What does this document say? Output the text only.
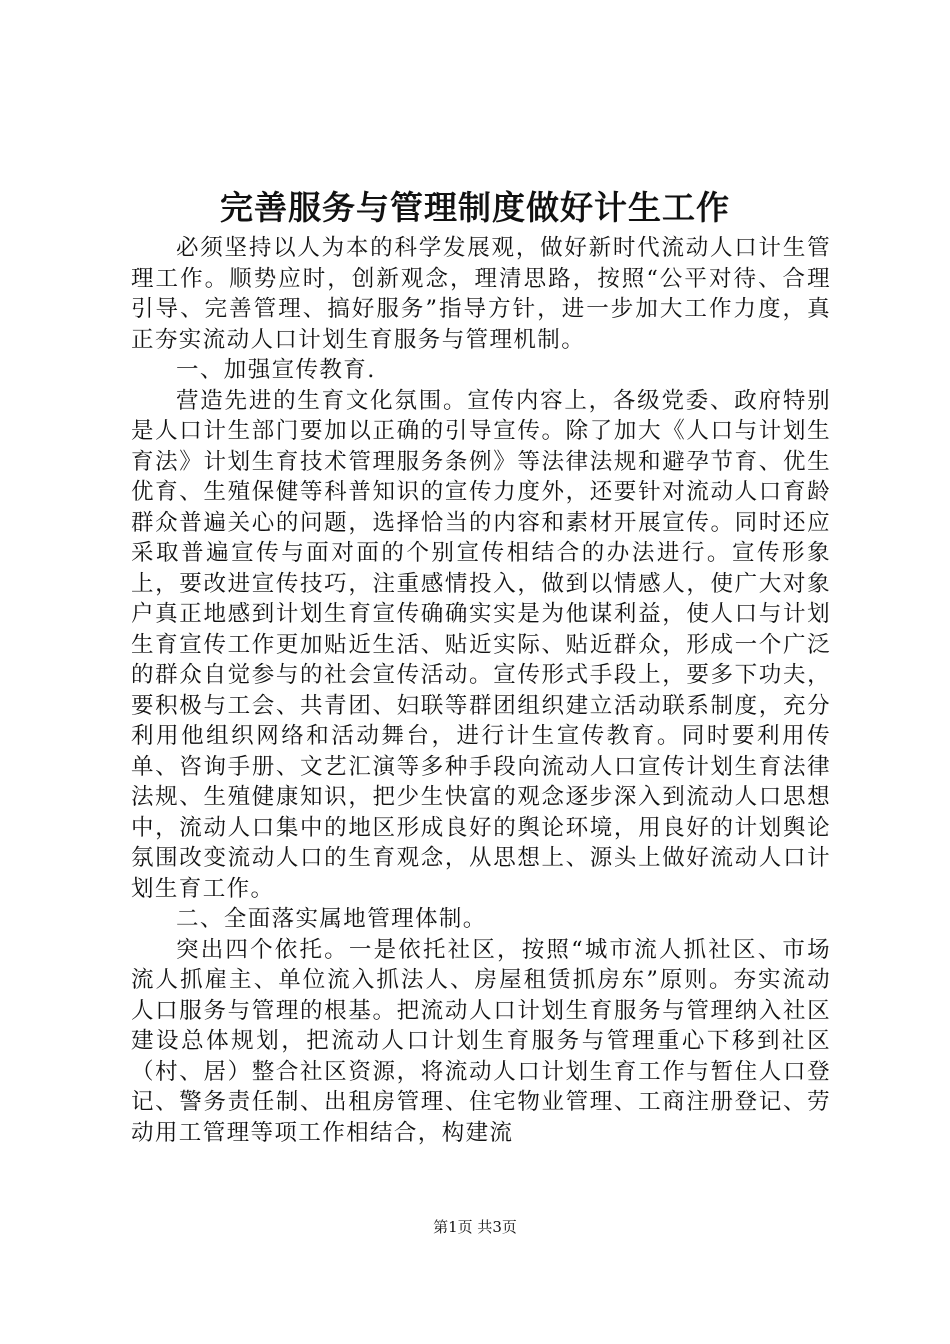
完善服务与管理制度做好计生工作

必须坚持以人为本的科学发展观，做好新时代流动人口计生管理工作。顺势应时，创新观念，理清思路，按照“公平对待、合理引导、完善管理、搞好服务”指导方针，进一步加大工作力度，真正夯实流动人口计划生育服务与管理机制。

一、加强宣传教育.

营造先进的生育文化氛围。宣传内容上，各级党委、政府特别是人口计生部门要加以正确的引导宣传。除了加大《人口与计划生育法》计划生育技术管理服务条例》等法律法规和避孕节育、优生优育、生殖保健等科普知识的宣传力度外，还要针对流动人口育龄群众普遍关心的问题，选择恰当的内容和素材开展宣传。同时还应采取普遍宣传与面对面的个别宣传相结合的办法进行。宣传形象上，要改进宣传技巧，注重感情投入，做到以情感人，使广大对象户真正地感到计划生育宣传确确实实是为他谋利益，使人口与计划生育宣传工作更加贴近生活、贴近实际、贴近群众，形成一个广泛的群众自觉参与的社会宣传活动。宣传形式手段上，要多下功夫，要积极与工会、共青团、妇联等群团组织建立活动联系制度，充分利用他组织网络和活动舞台，进行计生宣传教育。同时要利用传单、咨询手册、文艺汇演等多种手段向流动人口宣传计划生育法律法规、生殖健康知识，把少生快富的观念逐步深入到流动人口思想中，流动人口集中的地区形成良好的舆论环境，用良好的计划舆论氛围改变流动人口的生育观念，从思想上、源头上做好流动人口计划生育工作。

二、全面落实属地管理体制。

突出四个依托。一是依托社区，按照“城市流人抓社区、市场流人抓雇主、单位流入抓法人、房屋租赁抓房东”原则。夯实流动人口服务与管理的根基。把流动人口计划生育服务与管理纳入社区建设总体规划，把流动人口计划生育服务与管理重心下移到社区（村、居）整合社区资源，将流动人口计划生育工作与暂住人口登记、警务责任制、出租房管理、住宅物业管理、工商注册登记、劳动用工管理等项工作相结合，构建流

第1页 共3页
